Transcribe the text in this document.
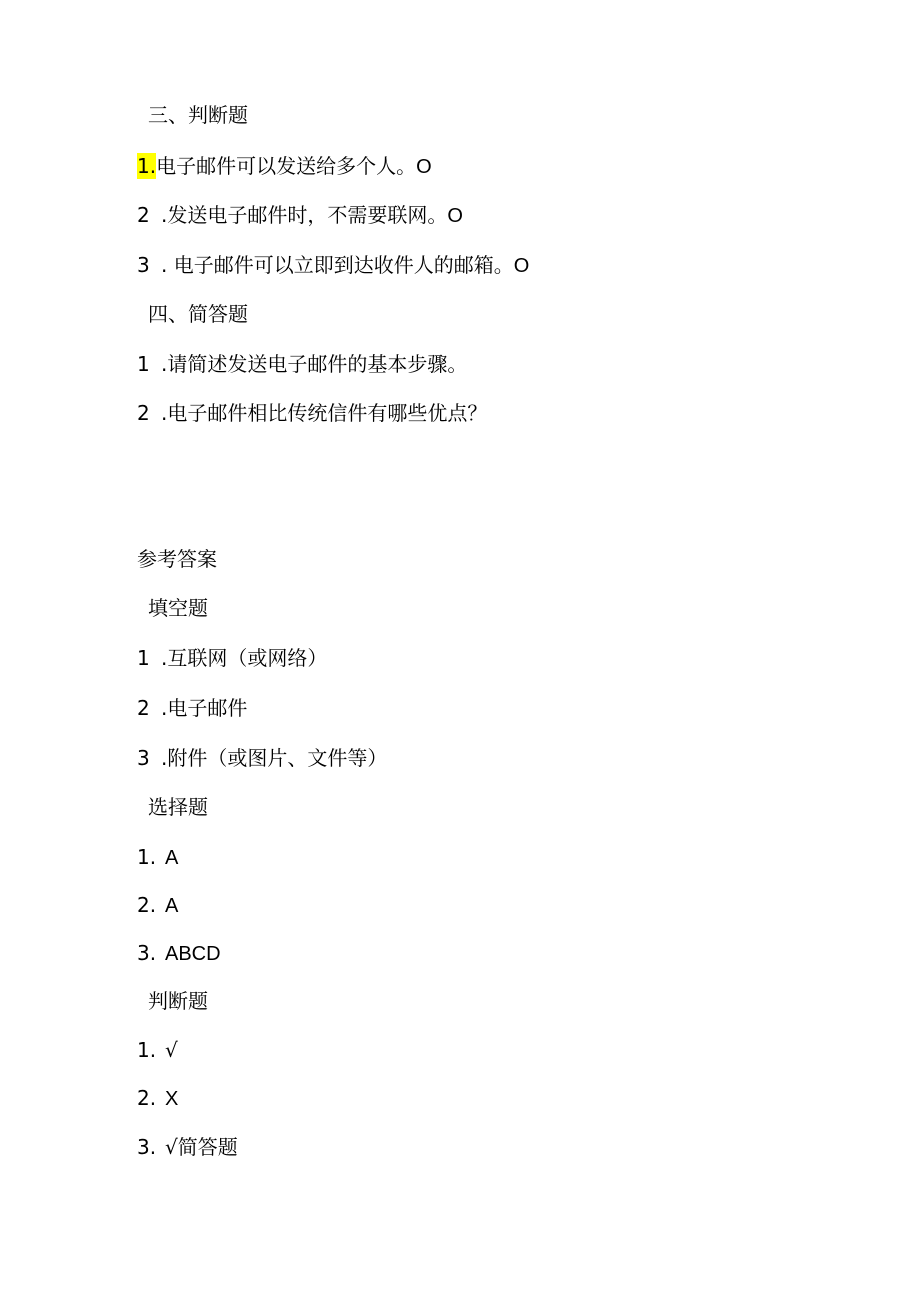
三、判断题
1.电子邮件可以发送给多个人。O
2 .发送电子邮件时，不需要联网。O
3 . 电子邮件可以立即到达收件人的邮箱。O
四、简答题
1 .请简述发送电子邮件的基本步骤。
2 .电子邮件相比传统信件有哪些优点？
参考答案
填空题
1 .互联网（或网络）
2 .电子邮件
3 .附件（或图片、文件等）
选择题
1. A
2. A
3. ABCD
判断题
1. √
2. X
3. √简答题
